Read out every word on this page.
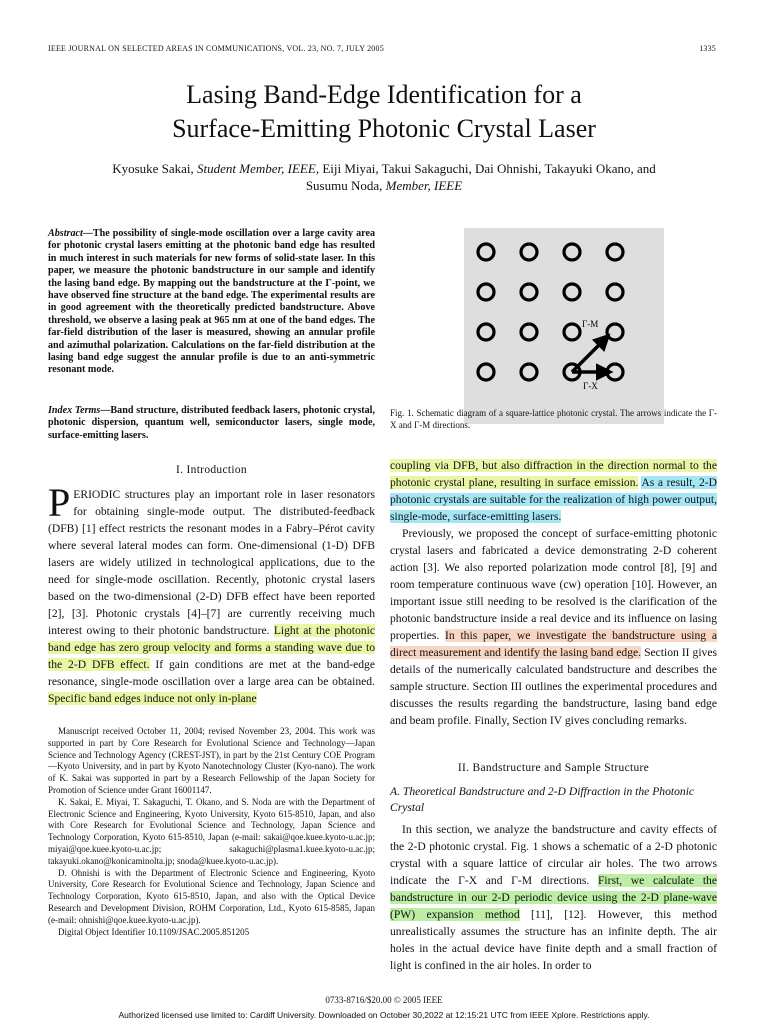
IEEE JOURNAL ON SELECTED AREAS IN COMMUNICATIONS, VOL. 23, NO. 7, JULY 2005	1335
Lasing Band-Edge Identification for a
Surface-Emitting Photonic Crystal Laser
Kyosuke Sakai, Student Member, IEEE, Eiji Miyai, Takui Sakaguchi, Dai Ohnishi, Takayuki Okano, and
Susumu Noda, Member, IEEE
Abstract—The possibility of single-mode oscillation over a large cavity area for photonic crystal lasers emitting at the photonic band edge has resulted in much interest in such materials for new forms of solid-state laser. In this paper, we measure the photonic bandstructure in our sample and identify the lasing band edge. By mapping out the bandstructure at the Γ-point, we have observed fine structure at the band edge. The experimental results are in good agreement with the theoretically predicted bandstructure. Above threshold, we observe a lasing peak at 965 nm at one of the band edges. The far-field distribution of the laser is measured, showing an annular profile and azimuthal polarization. Calculations on the far-field distribution at the lasing band edge suggest the annular profile is due to an anti-symmetric resonant mode.
Index Terms—Band structure, distributed feedback lasers, photonic crystal, photonic dispersion, quantum well, semiconductor lasers, single mode, surface-emitting lasers.
I. Introduction
PERIODIC structures play an important role in laser resonators for obtaining single-mode output. The distributed-feedback (DFB) [1] effect restricts the resonant modes in a Fabry–Pérot cavity where several lateral modes can form. One-dimensional (1-D) DFB lasers are widely utilized in technological applications, due to the need for single-mode oscillation. Recently, photonic crystal lasers based on the two-dimensional (2-D) DFB effect have been reported [2], [3]. Photonic crystals [4]–[7] are currently receiving much interest owing to their photonic bandstructure. Light at the photonic band edge has zero group velocity and forms a standing wave due to the 2-D DFB effect. If gain conditions are met at the band-edge resonance, single-mode oscillation over a large area can be obtained. Specific band edges induce not only in-plane

Manuscript received October 11, 2004; revised November 23, 2004. This work was supported in part by Core Research for Evolutional Science and Technology—Japan Science and Technology Agency (CREST-JST), in part by the 21st Century COE Program—Kyoto University, and in part by Kyoto Nanotechnology Cluster (Kyo-nano). The work of K. Sakai was supported in part by a Research Fellowship of the Japan Society for Promotion of Science under Grant 16001147.

K. Sakai, E. Miyai, T. Sakaguchi, T. Okano, and S. Noda are with the Department of Electronic Science and Engineering, Kyoto University, Kyoto 615-8510, Japan, and also with Core Research for Evolutional Science and Technology, Japan Science and Technology Corporation, Kyoto 615-8510, Japan (e-mail: sakai@qoe.kuee.kyoto-u.ac.jp; miyai@qoe.kuee.kyoto-u.ac.jp; sakaguchi@plasma1.kuee.kyoto-u.ac.jp; takayuki.okano@konicaminolta.jp; snoda@kuee.kyoto-u.ac.jp).

D. Ohnishi is with the Department of Electronic Science and Engineering, Kyoto University, Core Research for Evolutional Science and Technology, Japan Science and Technology Corporation, Kyoto 615-8510, Japan, and also with the Optical Device Research and Development Division, ROHM Corporation, Ltd., Kyoto 615-8585, Japan (e-mail: ohnishi@qoe.kuee.kyoto-u.ac.jp).

Digital Object Identifier 10.1109/JSAC.2005.851205

Γ-M
Γ-X
Fig. 1. Schematic diagram of a square-lattice photonic crystal. The arrows indicate the Γ-X and Γ-M directions.

coupling via DFB, but also diffraction in the direction normal to the photonic crystal plane, resulting in surface emission. As a result, 2-D photonic crystals are suitable for the realization of high power output, single-mode, surface-emitting lasers.

Previously, we proposed the concept of surface-emitting photonic crystal lasers and fabricated a device demonstrating 2-D coherent action [3]. We also reported polarization mode control [8], [9] and room temperature continuous wave (cw) operation [10]. However, an important issue still needing to be resolved is the clarification of the photonic bandstructure inside a real device and its influence on lasing properties. In this paper, we investigate the bandstructure using a direct measurement and identify the lasing band edge. Section II gives details of the numerically calculated bandstructure and describes the sample structure. Section III outlines the experimental procedures and discusses the results regarding the bandstructure, lasing band edge and beam profile. Finally, Section IV gives concluding remarks.

II. Bandstructure and Sample Structure
A. Theoretical Bandstructure and 2-D Diffraction in the Photonic Crystal

In this section, we analyze the bandstructure and cavity effects of the 2-D photonic crystal. Fig. 1 shows a schematic of a 2-D photonic crystal with a square lattice of circular air holes. The two arrows indicate the Γ-X and Γ-M directions. First, we calculate the bandstructure in our 2-D periodic device using the 2-D plane-wave (PW) expansion method [11], [12]. However, this method unrealistically assumes the structure has an infinite depth. The air holes in the actual device have finite depth and a small fraction of light is confined in the air holes. In order to

0733-8716/$20.00 © 2005 IEEE
Authorized licensed use limited to: Cardiff University. Downloaded on October 30,2022 at 12:15:21 UTC from IEEE Xplore. Restrictions apply.
